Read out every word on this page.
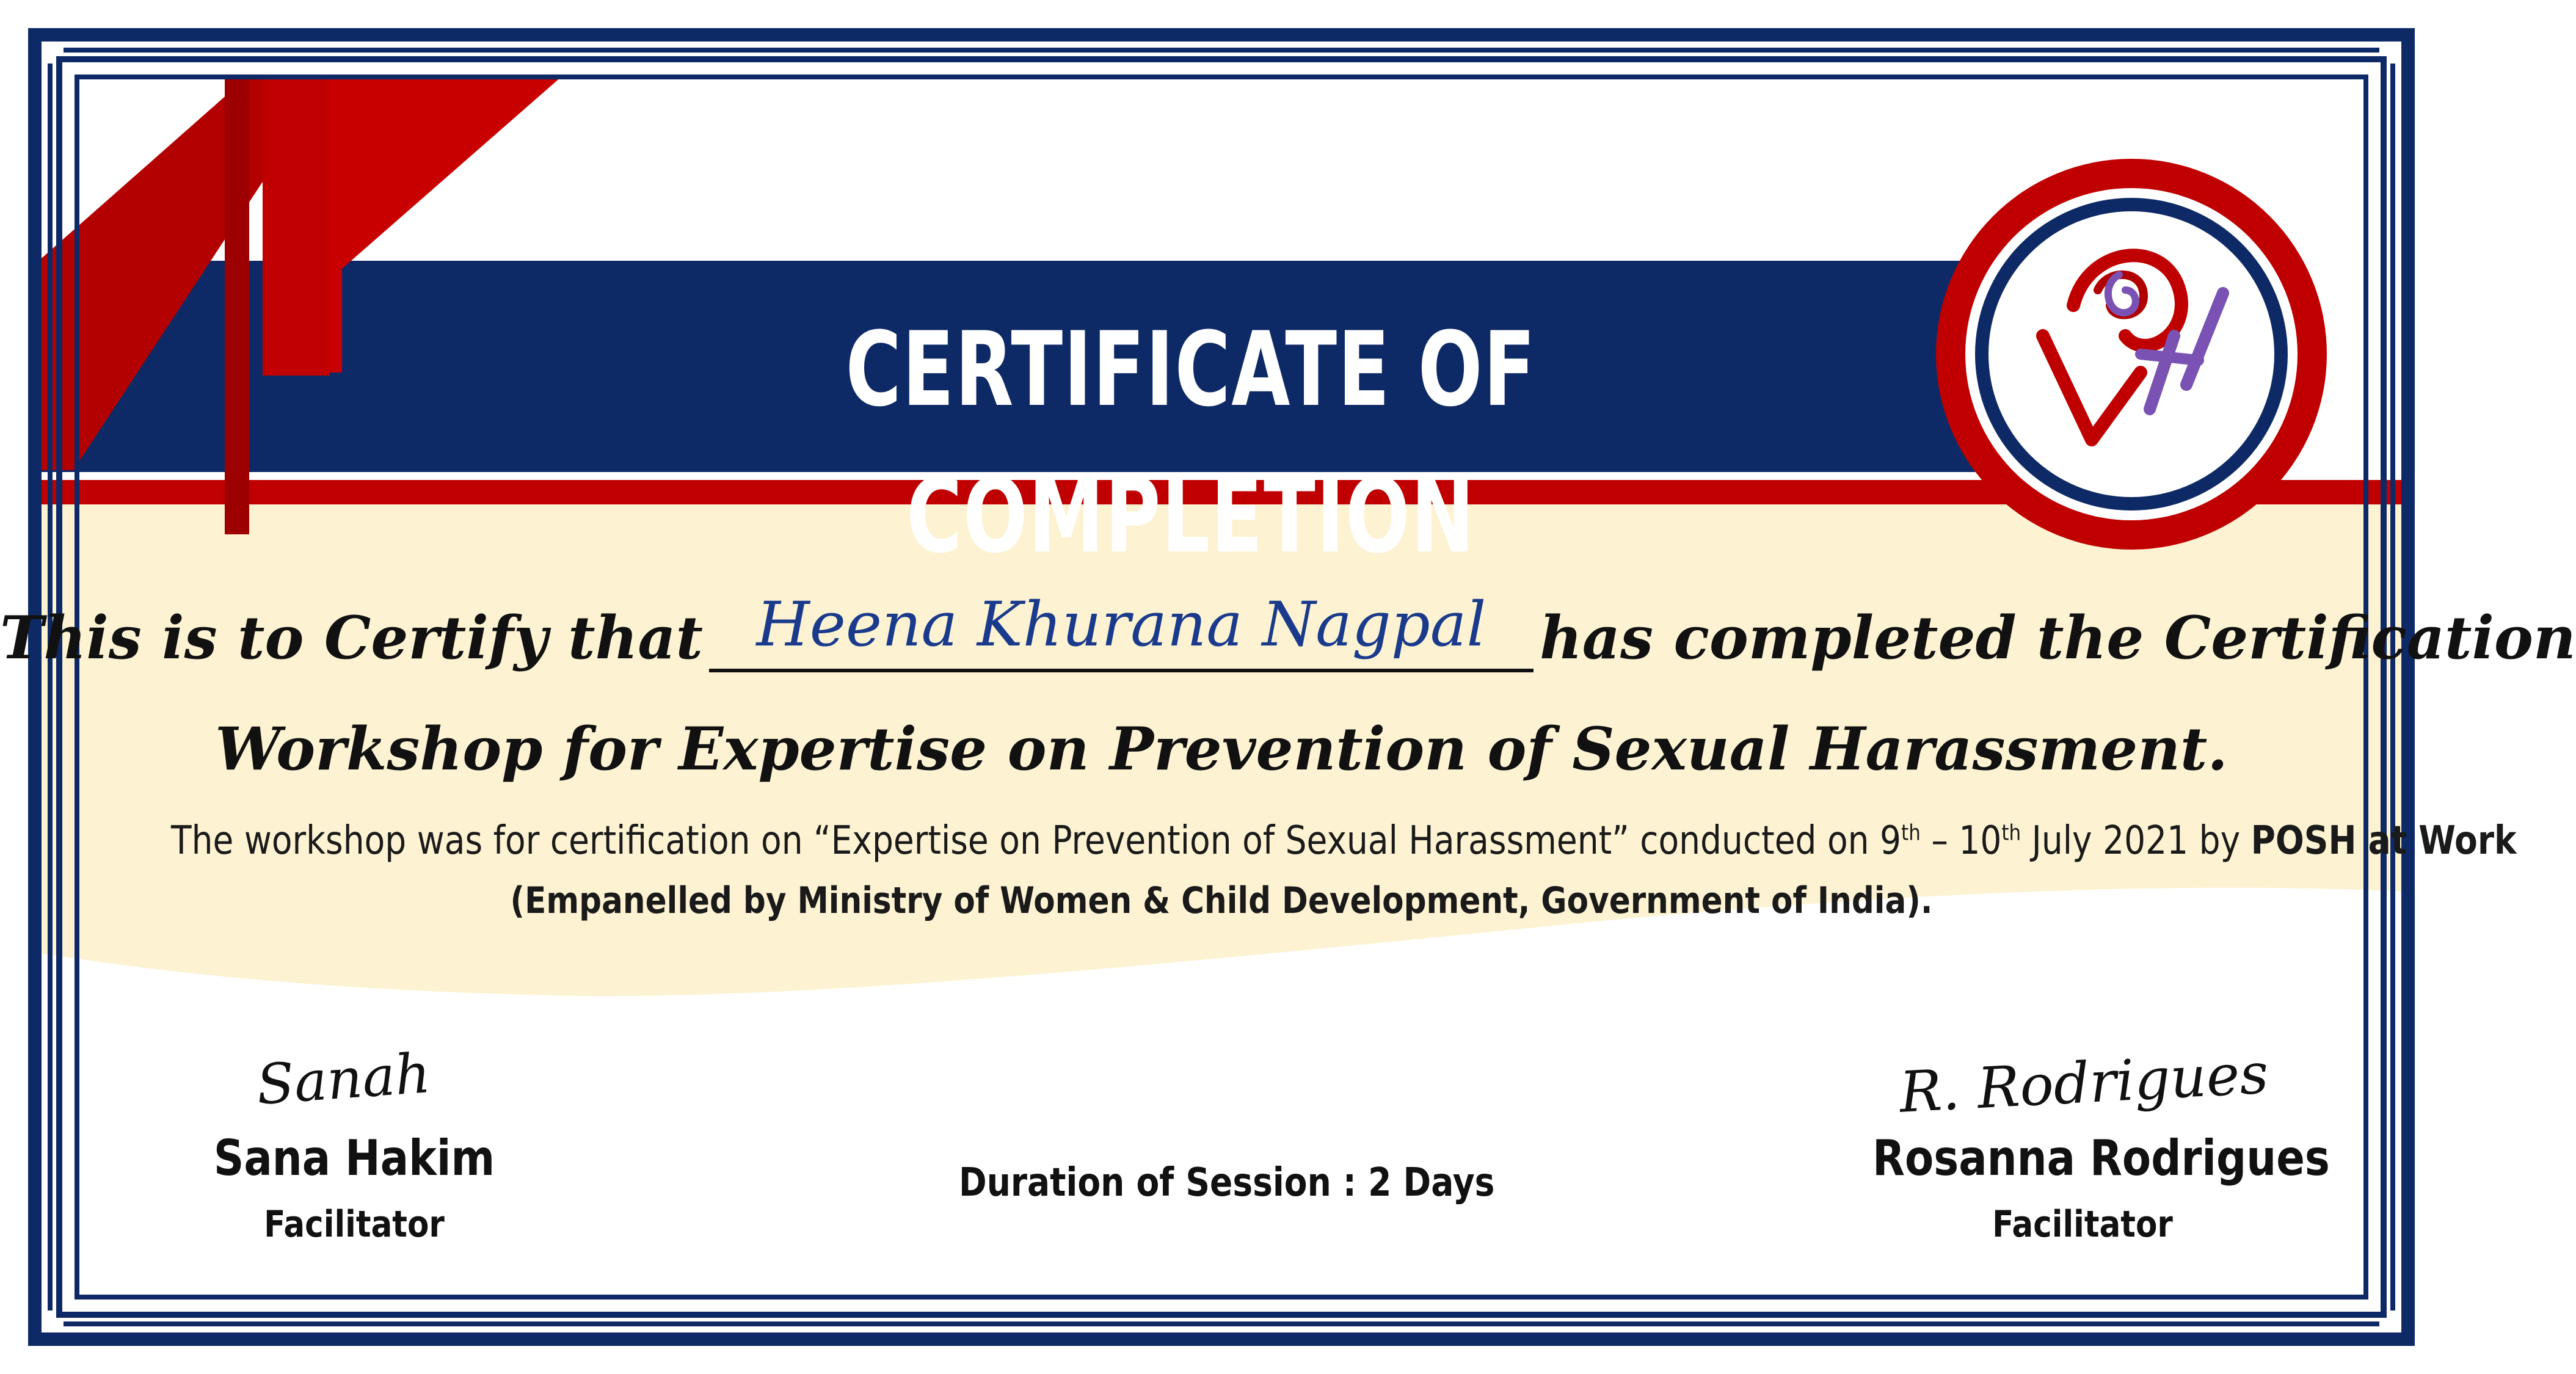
CERTIFICATE OF COMPLETION
This is to Certify that Heena Khurana Nagpal has completed the Certification
Workshop for Expertise on Prevention of Sexual Harassment.
The workshop was for certification on “Expertise on Prevention of Sexual Harassment” conducted on 9th – 10th July 2021 by POSH at Work
(Empanelled by Ministry of Women & Child Development, Government of India).
Sanah
Sana Hakim
Facilitator
R. Rodrigues
Rosanna Rodrigues
Facilitator
Duration of Session : 2 Days
